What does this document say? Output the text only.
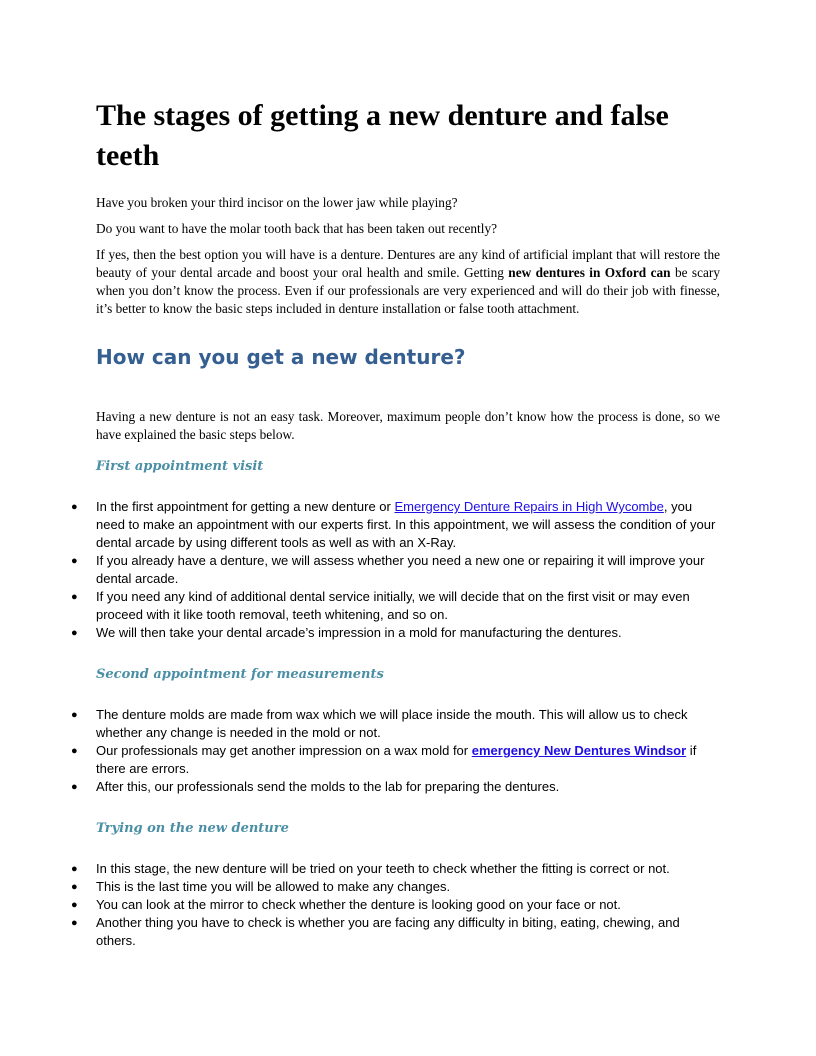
The stages of getting a new denture and false teeth

Have you broken your third incisor on the lower jaw while playing?

Do you want to have the molar tooth back that has been taken out recently?

If yes, then the best option you will have is a denture. Dentures are any kind of artificial implant that will restore the beauty of your dental arcade and boost your oral health and smile. Getting new dentures in Oxford can be scary when you don’t know the process. Even if our professionals are very experienced and will do their job with finesse, it’s better to know the basic steps included in denture installation or false tooth attachment.

How can you get a new denture?

Having a new denture is not an easy task. Moreover, maximum people don’t know how the process is done, so we have explained the basic steps below.

First appointment visit
● In the first appointment for getting a new denture or Emergency Denture Repairs in High Wycombe, you need to make an appointment with our experts first. In this appointment, we will assess the condition of your dental arcade by using different tools as well as with an X-Ray.
● If you already have a denture, we will assess whether you need a new one or repairing it will improve your dental arcade.
● If you need any kind of additional dental service initially, we will decide that on the first visit or may even proceed with it like tooth removal, teeth whitening, and so on.
● We will then take your dental arcade’s impression in a mold for manufacturing the dentures.
Second appointment for measurements
● The denture molds are made from wax which we will place inside the mouth. This will allow us to check whether any change is needed in the mold or not.
● Our professionals may get another impression on a wax mold for emergency New Dentures Windsor if there are errors.
● After this, our professionals send the molds to the lab for preparing the dentures.
Trying on the new denture
● In this stage, the new denture will be tried on your teeth to check whether the fitting is correct or not.
● This is the last time you will be allowed to make any changes.
● You can look at the mirror to check whether the denture is looking good on your face or not.
● Another thing you have to check is whether you are facing any difficulty in biting, eating, chewing, and others.
